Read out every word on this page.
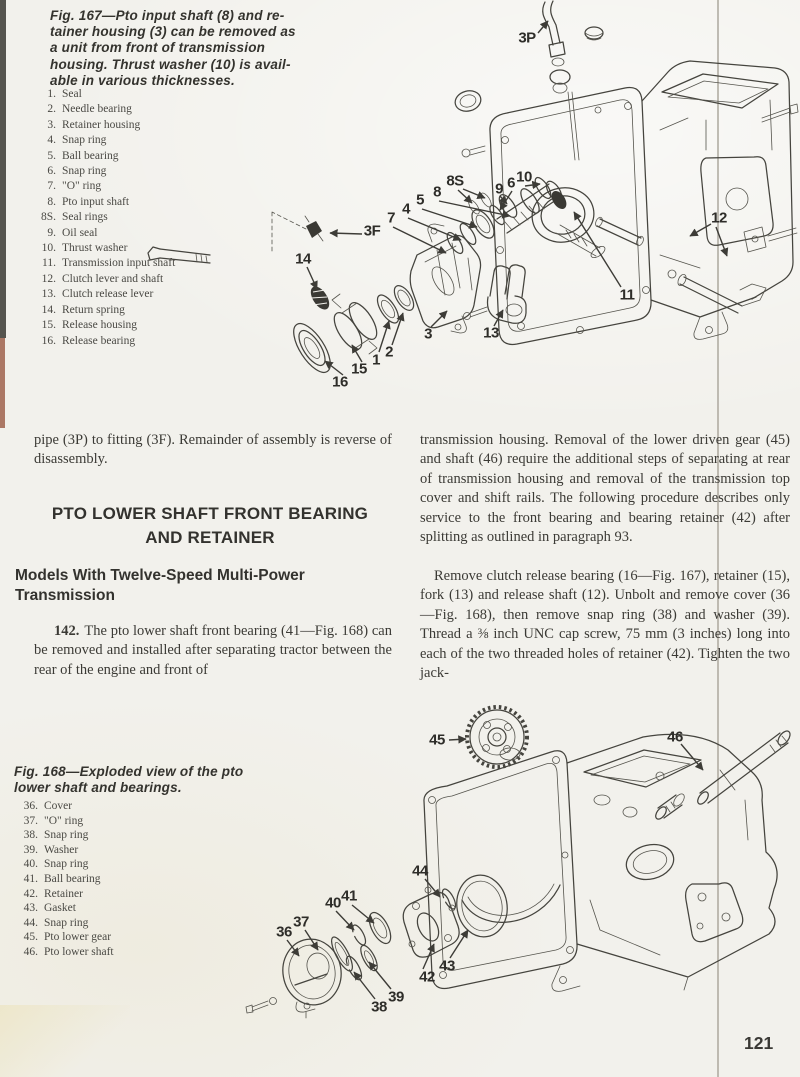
3P
3F
14
7
4
5 8
8S 9 6 10
12
11
13
3
2
1
15
16
45	46
44
40 41
36
37
43
42
39
38
Fig. 167—Pto input shaft (8) and re-
tainer housing (3) can be removed as
a unit from front of transmission
housing. Thrust washer (10) is avail-
able in various thicknesses.
1. Seal
2. Needle bearing
3. Retainer housing
4. Snap ring
5. Ball bearing
6. Snap ring
7. "O" ring
8. Pto input shaft
8S. Seal rings
9. Oil seal
10. Thrust washer
11. Transmission input shaft
12. Clutch lever and shaft
13. Clutch release lever
14. Return spring
15. Release housing
16. Release bearing

pipe (3P) to fitting (3F). Remainder of assembly is reverse of disassembly.

PTO LOWER SHAFT FRONT BEARING
AND RETAINER
Models With Twelve-Speed Multi-Power Transmission

142. The pto lower shaft front bearing (41—Fig. 168) can be removed and installed after separating tractor between the rear of the engine and front of

transmission housing. Removal of the lower driven gear (45) and shaft (46) require the additional steps of separating at rear of transmission housing and removal of the transmission top cover and shift rails. The following procedure describes only service to the front bearing and bearing retainer (42) after splitting as outlined in paragraph 93.

Remove clutch release bearing (16—Fig. 167), retainer (15), fork (13) and release shaft (12). Unbolt and remove cover (36—Fig. 168), then remove snap ring (38) and washer (39). Thread a ⅜ inch UNC cap screw, 75 mm (3 inches) long into each of the two threaded holes of retainer (42). Tighten the two jack-

Fig. 168—Exploded view of the pto
lower shaft and bearings.
36. Cover
37. "O" ring
38. Snap ring
39. Washer
40. Snap ring
41. Ball bearing
42. Retainer
43. Gasket
44. Snap ring
45. Pto lower gear
46. Pto lower shaft
121
